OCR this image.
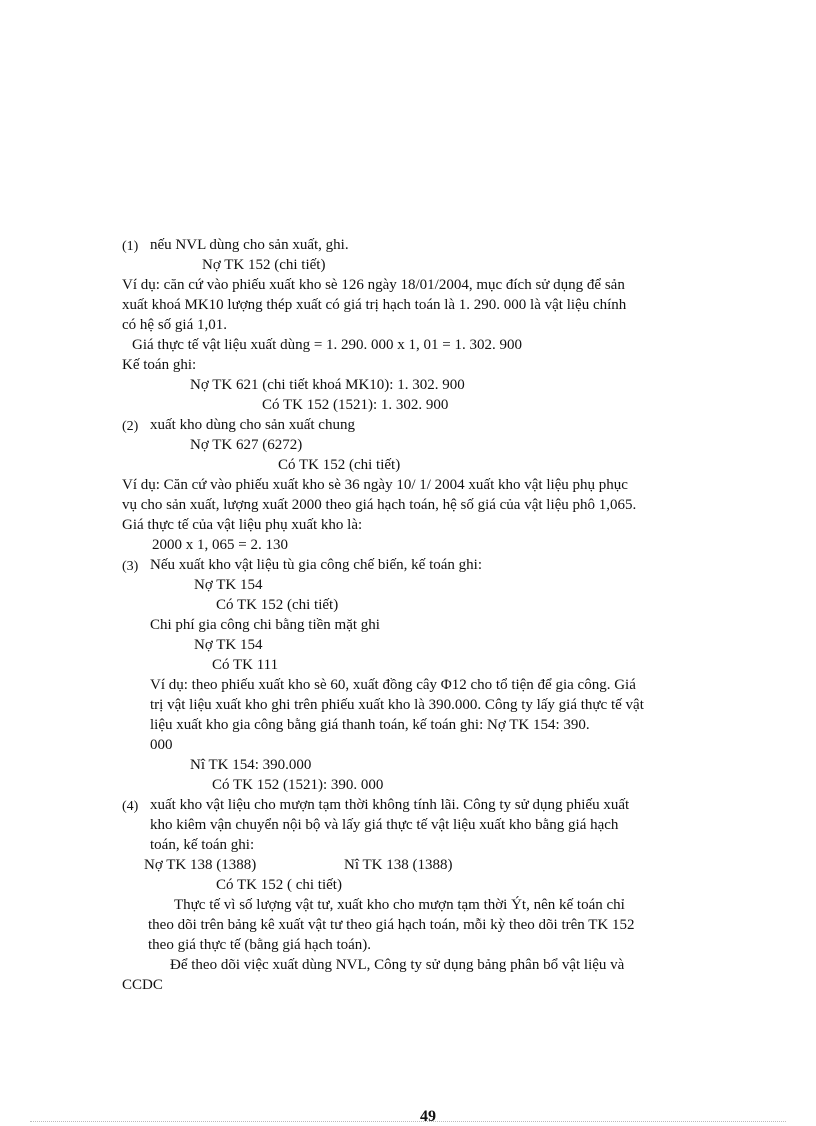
(1) nếu NVL dùng cho sản xuất, ghi.
Nợ TK 152 (chi tiết)
Ví dụ: căn cứ vào phiếu xuất kho sè 126 ngày 18/01/2004, mục đích sử dụng để sản
xuất khoá MK10 lượng thép xuất có giá trị hạch toán là 1. 290. 000 là vật liệu chính
có hệ số giá 1,01.
Giá thực tế vật liệu xuất dùng = 1. 290. 000 x 1, 01 = 1. 302. 900
Kế toán ghi:
Nợ TK 621 (chi tiết khoá MK10): 1. 302. 900
Có TK 152 (1521): 1. 302. 900
(2) xuất kho dùng cho sản xuất chung
Nợ TK 627 (6272)
Có TK 152 (chi tiết)
Ví dụ: Căn cứ vào phiếu xuất kho sè 36 ngày 10/ 1/ 2004 xuất kho vật liệu phụ phục
vụ cho sản xuất, lượng xuất 2000 theo giá hạch toán, hệ số giá của vật liệu phô 1,065.
Giá thực tế của vật liệu phụ xuất kho là:
2000 x 1, 065 = 2. 130
(3) Nếu xuất kho vật liệu tù gia công chế biến, kế toán ghi:
Nợ TK 154
Có TK 152 (chi tiết)
Chi phí gia công chi bằng tiền mặt ghi
Nợ TK 154
Có TK 111
Ví dụ: theo phiếu xuất kho sè 60, xuất đồng cây Φ12 cho tổ tiện để gia công. Giá
trị vật liệu xuất kho ghi trên phiếu xuất kho là 390.000. Công ty lấy giá thực tế vật
liệu xuất kho gia công bằng giá thanh toán, kế toán ghi: Nợ TK 154: 390.
000
Nî TK 154: 390.000
Có TK 152 (1521): 390. 000
(4) xuất kho vật liệu cho mượn tạm thời không tính lãi. Công ty sử dụng phiếu xuất
kho kiêm vận chuyển nội bộ và lấy giá thực tế vật liệu xuất kho bằng giá hạch
toán, kế toán ghi:
Nợ TK 138 (1388)	Nî TK 138 (1388)
Có TK 152 ( chi tiết)
Thực tế vì số lượng vật tư, xuất kho cho mượn tạm thời Ýt, nên kế toán chỉ
theo dõi trên bảng kê xuất vật tư theo giá hạch toán, mỗi kỳ theo dõi trên TK 152
theo giá thực tế (bằng giá hạch toán).
Để theo dõi việc xuất dùng NVL, Công ty sử dụng bảng phân bổ vật liệu và
CCDC
49
